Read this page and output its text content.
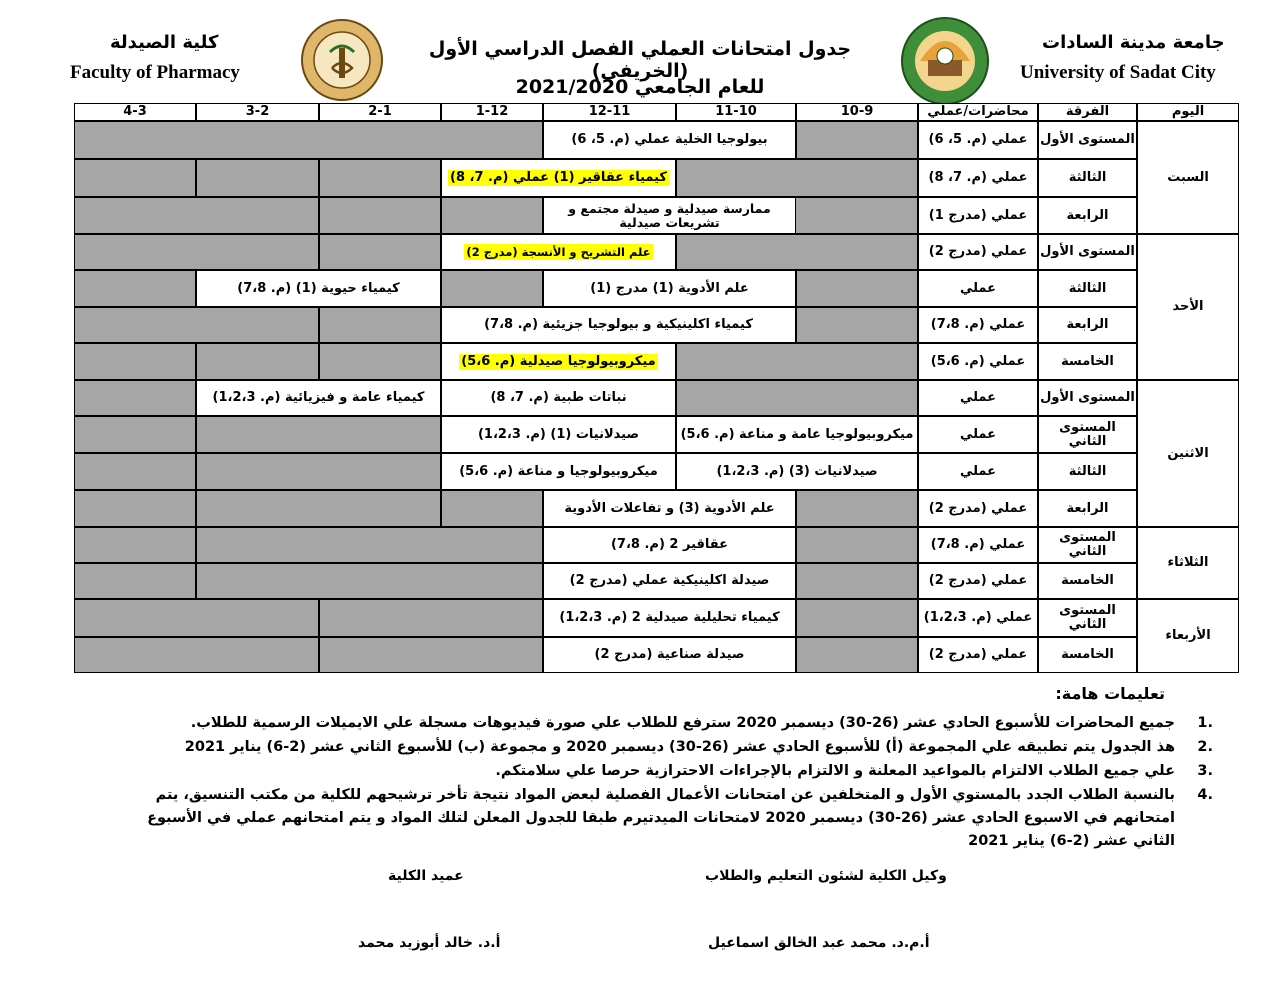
كلية الصيدلة
Faculty of Pharmacy
جامعة مدينة السادات
University of Sadat City
جدول امتحانات العملي الفصل الدراسي الأول (الخريفي)
للعام الجامعي 2021/2020
اليوم
الفرقة
محاضرات/عملي
10-9
11-10
12-11
1-12
2-1
3-2
4-3
المستوى الأول
عملي (م. 5، 6)
بيولوجيا الخلية عملي (م. 5، 6)
الثالثة
عملي (م. 7، 8)
كيمياء عقاقير (1) عملي (م. 7، 8)
الرابعة
عملي (مدرج 1)
ممارسة صيدلية و صيدلة مجتمع و تشريعات صيدلية
السبت
المستوى الأول
عملي (مدرج 2)
علم التشريح و الأنسجة (مدرج 2)
الثالثة
عملي
علم الأدوية (1) مدرج (1)
كيمياء حيوية (1) (م. 7،8)
الرابعة
عملي (م. 7،8)
كيمياء اكلينيكية و بيولوجيا جزيئية (م. 7،8)
الخامسة
عملي (م. 5،6)
ميكروبيولوجيا صيدلية (م. 5،6)
الأحد
المستوى الأول
عملي
نباتات طبية (م. 7، 8)
كيمياء عامة و فيزيائية (م. 1،2،3)
المستوى الثاني
عملي
ميكروبيولوجيا عامة و مناعة (م. 5،6)
صيدلانيات (1) (م. 1،2،3)
الثالثة
عملي
صيدلانيات (3) (م. 1،2،3)
ميكروبيولوجيا و مناعة (م. 5،6)
الرابعة
عملي (مدرج 2)
علم الأدوية (3) و تفاعلات الأدوية
الاثنين
المستوى الثاني
عملي (م. 7،8)
عقاقير 2 (م. 7،8)
الخامسة
عملي (مدرج 2)
صيدلة اكلينيكية عملي (مدرج 2)
الثلاثاء
المستوى الثاني
عملي (م. 1،2،3)
كيمياء تحليلية صيدلية 2 (م. 1،2،3)
الخامسة
عملي (مدرج 2)
صيدلة صناعية (مدرج 2)
الأربعاء
تعليمات هامة:
.1
جميع المحاضرات للأسبوع الحادي عشر (26-30) ديسمبر 2020 سترفع للطلاب علي صورة فيديوهات مسجلة علي الايميلات الرسمية للطلاب.
.2
هذ الجدول يتم تطبيقه علي المجموعة (أ) للأسبوع الحادي عشر (26-30) ديسمبر 2020 و مجموعة (ب) للأسبوع الثاني عشر (2-6) يناير 2021
.3
علي جميع الطلاب الالتزام بالمواعيد المعلنة و الالتزام بالإجراءات الاحترازية حرصا علي سلامتكم.
.4
بالنسبة الطلاب الجدد بالمستوي الأول و المتخلفين عن امتحانات الأعمال الفصلية لبعض المواد نتيجة تأخر ترشيحهم للكلية من مكتب التنسيق، يتم امتحانهم في الاسبوع الحادي عشر (26-30) ديسمبر 2020 لامتحانات الميدتيرم طبقا للجدول المعلن لتلك المواد و يتم امتحانهم عملي في الأسبوع الثاني عشر (2-6) يناير 2021
وكيل الكلية لشئون التعليم والطلاب
أ.م.د. محمد عبد الخالق اسماعيل
عميد الكلية
أ.د. خالد أبوزيد محمد
